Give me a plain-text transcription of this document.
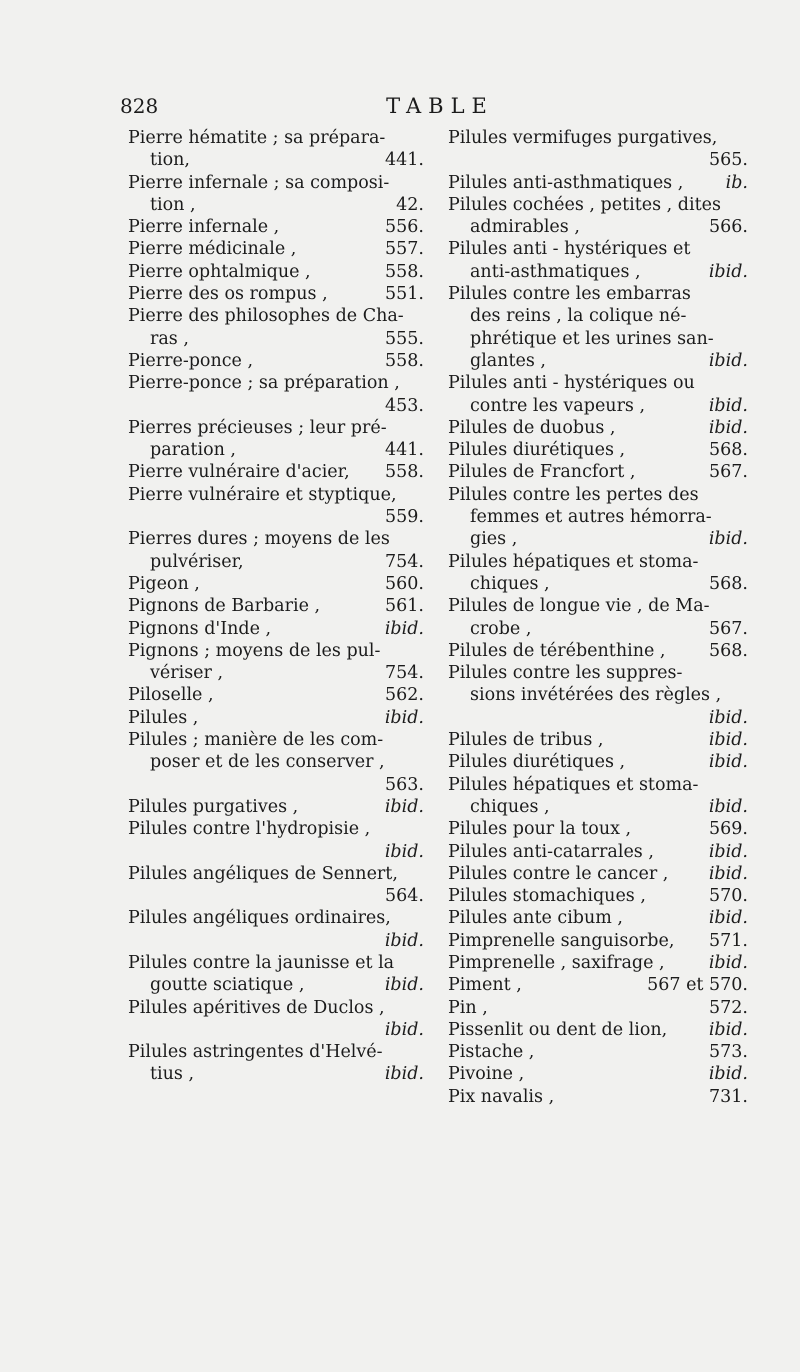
828	TABLE
Pierre hématite ; sa prépara-
tion,	441.
Pierre infernale ; sa composi-
tion ,	42.
Pierre infernale ,	556.
Pierre médicinale ,	557.
Pierre ophtalmique ,	558.
Pierre des os rompus ,	551.
Pierre des philosophes de Cha-
ras ,	555.
Pierre-ponce ,	558.
Pierre-ponce ; sa préparation ,
453.
Pierres précieuses ; leur pré-
paration ,	441.
Pierre vulnéraire d'acier, 558.
Pierre vulnéraire et styptique,
559.
Pierres dures ; moyens de les
pulvériser,	754.
Pigeon ,	560.
Pignons de Barbarie ,	561.
Pignons d'Inde ,	ibid.
Pignons ; moyens de les pul-
vériser ,	754.
Piloselle ,	562.
Pilules ,	ibid.
Pilules ; manière de les com-
poser et de les conserver ,
563.
Pilules purgatives ,	ibid.
Pilules contre l'hydropisie ,
ibid.
Pilules angéliques de Sennert,
564.
Pilules angéliques ordinaires,
ibid.
Pilules contre la jaunisse et la
goutte sciatique ,	ibid.
Pilules apéritives de Duclos ,
ibid.
Pilules astringentes d'Helvé-
tius ,	ibid.
Pilules vermifuges purgatives,
565.
Pilules anti-asthmatiques , ib.
Pilules cochées , petites , dites
admirables ,	566.
Pilules anti - hystériques et
anti-asthmatiques ,	ibid.
Pilules contre les embarras
des reins , la colique né-
phrétique et les urines san-
glantes ,	ibid.
Pilules anti - hystériques ou
contre les vapeurs ,	ibid.
Pilules de duobus ,	ibid.
Pilules diurétiques ,	568.
Pilules de Francfort ,	567.
Pilules contre les pertes des
femmes et autres hémorra-
gies ,	ibid.
Pilules hépatiques et stoma-
chiques ,	568.
Pilules de longue vie , de Ma-
crobe ,	567.
Pilules de térébenthine , 568.
Pilules contre les suppres-
sions invétérées des règles ,
ibid.
Pilules de tribus ,	ibid.
Pilules diurétiques ,	ibid.
Pilules hépatiques et stoma-
chiques ,	ibid.
Pilules pour la toux ,	569.
Pilules anti-catarrales ,	ibid.
Pilules contre le cancer , ibid.
Pilules stomachiques ,	570.
Pilules ante cibum ,	ibid.
Pimprenelle sanguisorbe, 571.
Pimprenelle , saxifrage ,	ibid.
Piment ,	567 et 570.
Pin ,	572.
Pissenlit ou dent de lion, ibid.
Pistache ,	573.
Pivoine ,	ibid.
Pix navalis ,	731.
